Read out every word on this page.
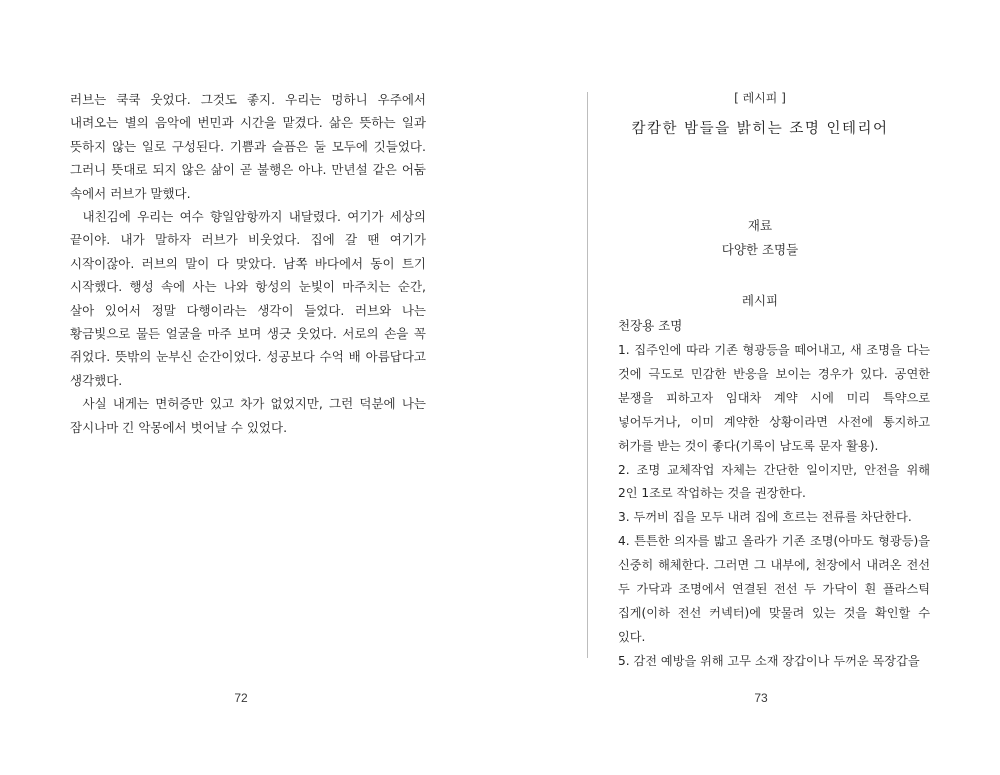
러브는 쿡쿡 웃었다. 그것도 좋지. 우리는 멍하니 우주에서 내려오는 별의 음악에 번민과 시간을 맡겼다. 삶은 뜻하는 일과 뜻하지 않는 일로 구성된다. 기쁨과 슬픔은 둘 모두에 깃들었다. 그러니 뜻대로 되지 않은 삶이 곧 불행은 아냐. 만년설 같은 어둠 속에서 러브가 말했다.

내친김에 우리는 여수 향일암항까지 내달렸다. 여기가 세상의 끝이야. 내가 말하자 러브가 비웃었다. 집에 갈 땐 여기가 시작이잖아. 러브의 말이 다 맞았다. 남쪽 바다에서 동이 트기 시작했다. 행성 속에 사는 나와 항성의 눈빛이 마주치는 순간, 살아 있어서 정말 다행이라는 생각이 들었다. 러브와 나는 황금빛으로 물든 얼굴을 마주 보며 생긋 웃었다. 서로의 손을 꼭 쥐었다. 뜻밖의 눈부신 순간이었다. 성공보다 수억 배 아름답다고 생각했다.

사실 내게는 면허증만 있고 차가 없었지만, 그런 덕분에 나는 잠시나마 긴 악몽에서 벗어날 수 있었다.

72
[ 레시피 ]
캄캄한 밤들을 밝히는 조명 인테리어
재료
다양한 조명들
레시피
천장용 조명

1. 집주인에 따라 기존 형광등을 떼어내고, 새 조명을 다는 것에 극도로 민감한 반응을 보이는 경우가 있다. 공연한 분쟁을 피하고자 임대차 계약 시에 미리 특약으로 넣어두거나, 이미 계약한 상황이라면 사전에 통지하고 허가를 받는 것이 좋다(기록이 남도록 문자 활용).

2. 조명 교체작업 자체는 간단한 일이지만, 안전을 위해 2인 1조로 작업하는 것을 권장한다.

3. 두꺼비 집을 모두 내려 집에 흐르는 전류를 차단한다.

4. 튼튼한 의자를 밟고 올라가 기존 조명(아마도 형광등)을 신중히 해체한다. 그러면 그 내부에, 천장에서 내려온 전선 두 가닥과 조명에서 연결된 전선 두 가닥이 흰 플라스틱 집게(이하 전선 커넥터)에 맞물려 있는 것을 확인할 수 있다.

5. 감전 예방을 위해 고무 소재 장갑이나 두꺼운 목장갑을

73
